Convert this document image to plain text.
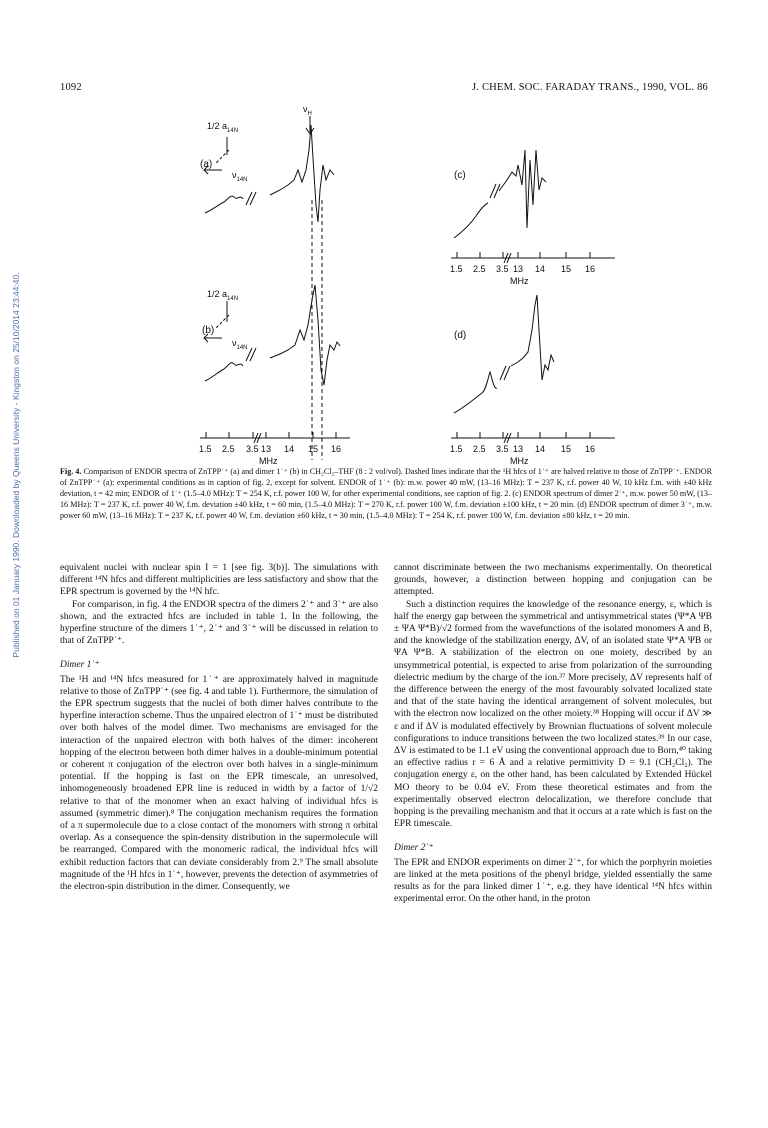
1092	J. CHEM. SOC. FARADAY TRANS., 1990, VOL. 86
Published on 01 January 1990. Downloaded by Queens University - Kingston on 25/10/2014 23:44:40.
(a)
(b)
(c)
(d)
1/2 $a_{14N}$
$\nu_{14N}$
$\nu_H$
1/2 $a_{14N}$
$\nu_{14N}$
1.5 2.5 3.5 13 14 15 16
MHz
1.5 2.5 3.5 13 14 15 16
MHz
1.5 2.5 3.5 13 14 15 16
MHz
Fig. 4. Comparison of ENDOR spectra of ZnTPP˙⁺ (a) and dimer 1˙⁺ (b) in CH₂Cl₂–THF (8 : 2 vol/vol). Dashed lines indicate that the ¹H hfcs of 1˙⁺ are halved relative to those of ZnTPP˙⁺. ENDOR of ZnTPP˙⁺ (a): experimental conditions as in caption of fig. 2, except for solvent. ENDOR of 1˙⁺ (b): m.w. power 40 mW, (13–16 MHz): T = 237 K, r.f. power 40 W, 10 kHz f.m. with ±40 kHz deviation, t = 42 min; ENDOR of 1˙⁺ (1.5–4.0 MHz): T = 254 K, r.f. power 100 W, for other experimental conditions, see caption of fig. 2. (c) ENDOR spectrum of dimer 2˙⁺, m.w. power 50 mW, (13–16 MHz): T = 237 K, r.f. power 40 W, f.m. deviation ±40 kHz, t = 60 min, (1.5–4.0 MHz): T = 270 K, r.f. power 100 W, f.m. deviation ±100 kHz, t = 20 min. (d) ENDOR spectrum of dimer 3˙⁺, m.w. power 60 mW, (13–16 MHz): T = 237 K, r.f. power 40 W, f.m. deviation ±60 kHz, t = 30 min, (1.5–4.0 MHz): T = 254 K, r.f. power 100 W, f.m. deviation ±80 kHz, t = 20 min.

equivalent nuclei with nuclear spin I = 1 [see fig. 3(b)]. The simulations with different ¹⁴N hfcs and different multiplicities are less satisfactory and show that the EPR spectrum is governed by the ¹⁴N hfc.

For comparison, in fig. 4 the ENDOR spectra of the dimers 2˙⁺ and 3˙⁺ are also shown, and the extracted hfcs are included in table 1. In the following, the hyperfine structure of the dimers 1˙⁺, 2˙⁺ and 3˙⁺ will be discussed in relation to that of ZnTPP˙⁺.

Dimer 1˙⁺

The ¹H and ¹⁴N hfcs measured for 1˙⁺ are approximately halved in magnitude relative to those of ZnTPP˙⁺ (see fig. 4 and table 1). Furthermore, the simulation of the EPR spectrum suggests that the nuclei of both dimer halves contribute to the hyperfine interaction scheme. Thus the unpaired electron of 1˙⁺ must be distributed over both halves of the model dimer. Two mechanisms are envisaged for the interaction of the unpaired electron with both halves of the dimer: incoherent hopping of the electron between both dimer halves in a double-minimum potential or coherent π conjugation of the electron over both halves in a single-minimum potential. If the hopping is fast on the EPR timescale, an unresolved, inhomogeneously broadened EPR line is reduced in width by a factor of 1/√2 relative to that of the monomer when an exact halving of individual hfcs is assumed (symmetric dimer).⁸ The conjugation mechanism requires the formation of a π supermolecule due to a close contact of the monomers with strong π orbital overlap. As a consequence the spin-density distribution in the supermolecule will be rearranged. Compared with the monomeric radical, the individual hfcs will exhibit reduction factors that can deviate considerably from 2.⁹ The small absolute magnitude of the ¹H hfcs in 1˙⁺, however, prevents the detection of asymmetries of the electron-spin distribution in the dimer. Consequently, we

cannot discriminate between the two mechanisms experimentally. On theoretical grounds, however, a distinction between hopping and conjugation can be attempted.

Such a distinction requires the knowledge of the resonance energy, ε, which is half the energy gap between the symmetrical and antisymmetrical states (Ψ*A ΨB ± ΨA Ψ*B)/√2 formed from the wavefunctions of the isolated monomers A and B, and the knowledge of the stabilization energy, ΔV, of an isolated state Ψ*A ΨB or ΨA Ψ*B. A stabilization of the electron on one moiety, described by an unsymmetrical potential, is expected to arise from polarization of the surrounding dielectric medium by the charge of the ion.³⁷ More precisely, ΔV represents half of the difference between the energy of the most favourably solvated localized state and that of the state having the identical arrangement of solvent molecules, but with the electron now localized on the other moiety.³⁸ Hopping will occur if ΔV ≫ ε and if ΔV is modulated effectively by Brownian fluctuations of solvent molecule configurations to induce transitions between the two localized states.³⁹ In our case, ΔV is estimated to be 1.1 eV using the conventional approach due to Born,⁴⁰ taking an effective radius r = 6 Å and a relative permittivity D = 9.1 (CH₂Cl₂). The conjugation energy ε, on the other hand, has been calculated by Extended Hückel MO theory to be 0.04 eV. From these theoretical estimates and from the experimentally observed electron delocalization, we therefore conclude that hopping is the prevailing mechanism and that it occurs at a rate which is fast on the EPR timescale.

Dimer 2˙⁺

The EPR and ENDOR experiments on dimer 2˙⁺, for which the porphyrin moieties are linked at the meta positions of the phenyl bridge, yielded essentially the same results as for the para linked dimer 1˙⁺, e.g. they have identical ¹⁴N hfcs within experimental error. On the other hand, in the proton
